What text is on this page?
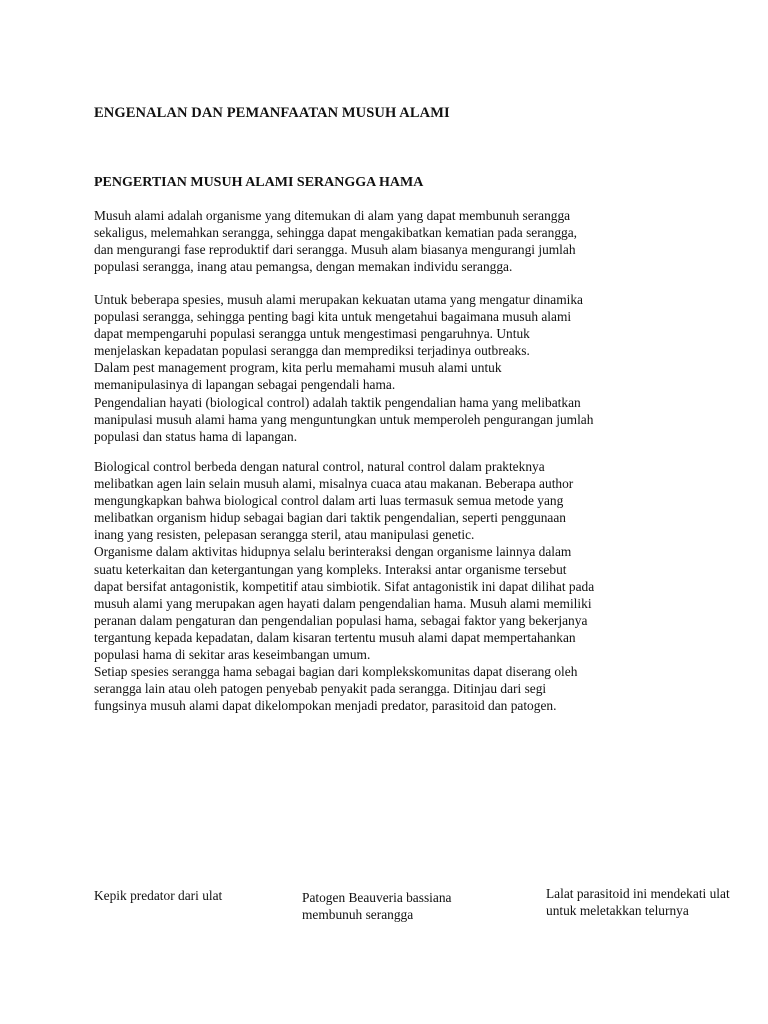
ENGENALAN DAN PEMANFAATAN MUSUH ALAMI
PENGERTIAN MUSUH ALAMI SERANGGA HAMA
Musuh alami adalah organisme yang ditemukan di alam yang dapat membunuh serangga
sekaligus, melemahkan serangga, sehingga dapat mengakibatkan kematian pada serangga,
dan mengurangi fase reproduktif dari serangga. Musuh alam biasanya mengurangi jumlah
populasi serangga, inang atau pemangsa, dengan memakan individu serangga.
Untuk beberapa spesies, musuh alami merupakan kekuatan utama yang mengatur dinamika
populasi serangga, sehingga penting bagi kita untuk mengetahui bagaimana musuh alami
dapat mempengaruhi populasi serangga untuk mengestimasi pengaruhnya. Untuk
menjelaskan kepadatan populasi serangga dan memprediksi terjadinya outbreaks.
Dalam pest management program, kita perlu memahami musuh alami untuk
memanipulasinya di lapangan sebagai pengendali hama.
Pengendalian hayati (biological control) adalah taktik pengendalian hama yang melibatkan
manipulasi musuh alami hama yang menguntungkan untuk memperoleh pengurangan jumlah
populasi dan status hama di lapangan.
Biological control berbeda dengan natural control, natural control dalam prakteknya
melibatkan agen lain selain musuh alami, misalnya cuaca atau makanan. Beberapa author
mengungkapkan bahwa biological control dalam arti luas termasuk semua metode yang
melibatkan organism hidup sebagai bagian dari taktik pengendalian, seperti penggunaan
inang yang resisten, pelepasan serangga steril, atau manipulasi genetic.
Organisme dalam aktivitas hidupnya selalu berinteraksi dengan organisme lainnya dalam
suatu keterkaitan dan ketergantungan yang kompleks. Interaksi antar organisme tersebut
dapat bersifat antagonistik, kompetitif atau simbiotik. Sifat antagonistik ini dapat dilihat pada
musuh alami yang merupakan agen hayati dalam pengendalian hama. Musuh alami memiliki
peranan dalam pengaturan dan pengendalian populasi hama, sebagai faktor yang bekerjanya
tergantung kepada kepadatan, dalam kisaran tertentu musuh alami dapat mempertahankan
populasi hama di sekitar aras keseimbangan umum.
Setiap spesies serangga hama sebagai bagian dari komplekskomunitas dapat diserang oleh
serangga lain atau oleh patogen penyebab penyakit pada serangga. Ditinjau dari segi
fungsinya musuh alami dapat dikelompokan menjadi predator, parasitoid dan patogen.
Kepik predator dari ulat	Patogen Beauveria bassiana
membunuh serangga
Lalat parasitoid ini mendekati ulat
untuk meletakkan telurnya
